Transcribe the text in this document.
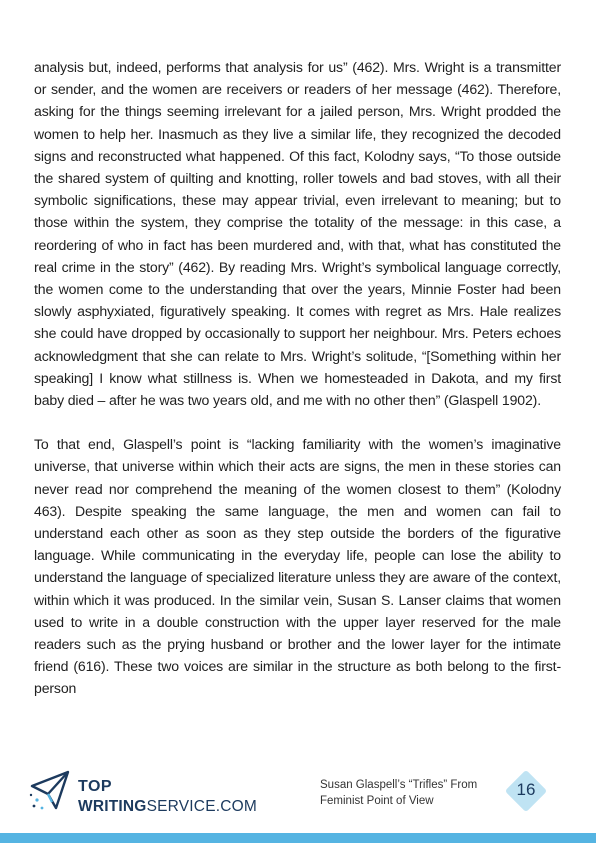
analysis but, indeed, performs that analysis for us” (462). Mrs. Wright is a transmitter or sender, and the women are receivers or readers of her message (462). Therefore, asking for the things seeming irrelevant for a jailed person, Mrs. Wright prodded the women to help her. Inasmuch as they live a similar life, they recognized the decoded signs and reconstructed what happened. Of this fact, Kolodny says, “To those outside the shared system of quilting and knotting, roller towels and bad stoves, with all their symbolic significations, these may appear trivial, even irrelevant to meaning; but to those within the system, they comprise the totality of the message: in this case, a reordering of who in fact has been murdered and, with that, what has constituted the real crime in the story” (462). By reading Mrs. Wright’s symbolical language correctly, the women come to the understanding that over the years, Minnie Foster had been slowly asphyxiated, figuratively speaking. It comes with regret as Mrs. Hale realizes she could have dropped by occasionally to support her neighbour. Mrs. Peters echoes acknowledgment that she can relate to Mrs. Wright’s solitude, “[Something within her speaking] I know what stillness is. When we homesteaded in Dakota, and my first baby died – after he was two years old, and me with no other then” (Glaspell 1902).

To that end, Glaspell’s point is “lacking familiarity with the women’s imaginative universe, that universe within which their acts are signs, the men in these stories can never read nor comprehend the meaning of the women closest to them” (Kolodny 463). Despite speaking the same language, the men and women can fail to understand each other as soon as they step outside the borders of the figurative language. While communicating in the everyday life, people can lose the ability to understand the language of specialized literature unless they are aware of the context, within which it was produced. In the similar vein, Susan S. Lanser claims that women used to write in a double construction with the upper layer reserved for the male readers such as the prying husband or brother and the lower layer for the intimate friend (616). These two voices are similar in the structure as both belong to the first-person

TOP
WRITINGSERVICE.COM
Susan Glaspell’s “Trifles” From
Feminist Point of View
16
